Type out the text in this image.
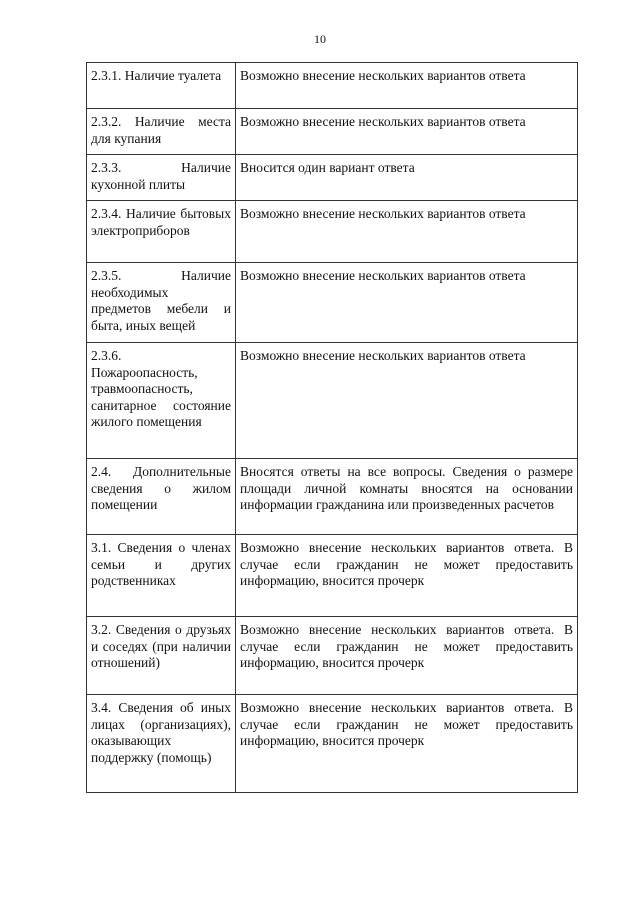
10
2.3.1. Наличие туалета	Возможно внесение нескольких вариантов ответа

2.3.2. Наличие места для купания	Возможно внесение нескольких вариантов ответа

2.3.3. Наличие кухонной плиты	Вносится один вариант ответа

2.3.4. Наличие бытовых электроприборов	Возможно внесение нескольких вариантов ответа

2.3.5. Наличие необходимых предметов мебели и быта, иных вещей	Возможно внесение нескольких вариантов ответа

2.3.6. Пожароопасность, травмоопасность, санитарное состояние жилого помещения	Возможно внесение нескольких вариантов ответа

2.4. Дополнительные сведения о жилом помещении	Вносятся ответы на все вопросы. Сведения о размере площади личной комнаты вносятся на основании информации гражданина или произведенных расчетов

3.1. Сведения о членах семьи и других родственниках	Возможно внесение нескольких вариантов ответа. В случае если гражданин не может предоставить информацию, вносится прочерк

3.2. Сведения о друзьях и соседях (при наличии отношений)	Возможно внесение нескольких вариантов ответа. В случае если гражданин не может предоставить информацию, вносится прочерк

3.4. Сведения об иных лицах (организациях), оказывающих поддержку (помощь)	Возможно внесение нескольких вариантов ответа. В случае если гражданин не может предоставить информацию, вносится прочерк
